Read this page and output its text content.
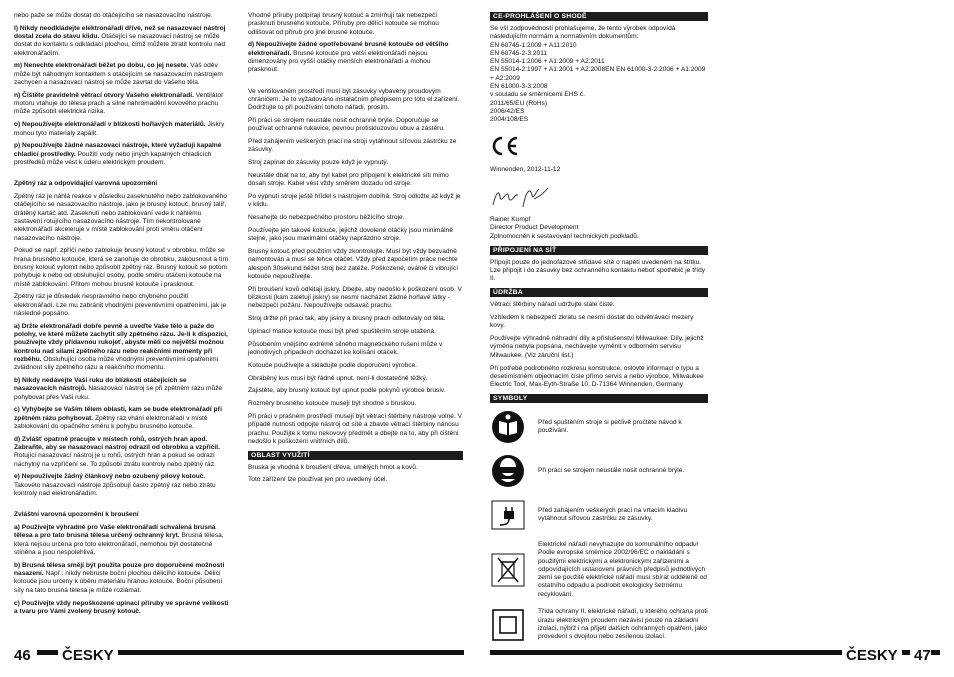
nebo paže se může dostat do otáčejícího se nasazovacího nástroje.

l) Nikdy neodkládejte elektronářadí dříve, než se nasazovací nástroj dostal zcela do stavu klidu. Otáčející se nasazovací nástroj se může dostat do kontaktu s odkládací plochou, čímž můžete ztratit kontrolu nad elektronářadím.

m) Nenechte elektronářadí běžet po dobu, co jej nesete. Váš oděv může být náhodným kontaktem s otáčejícím se nasazovacím nástrojem zachycen a nasazovací nástroj se může zavrtat do Vašeho těla.

n) Čištěte pravidelně větrací otvory Vašeho elektronářadí. Ventilátor motoru vtahuje do tělesa prach a silné nahromadění kovového prachu může způsobit elektrická rizika.

o) Nepoužívejte elektronářadí v blízkosti hořlavých materiálů. Jiskry mohou tyto materiály zapálit.

p) Nepoužívejte žádné nasazovací nástroje, které vyžadují kapalné chladicí prostředky. Použití vody nebo jiných kapalných chladicích prostředků může vést k úderu elektrickým proudem.

Zpětný ráz a odpovídající varovná upozornění

Zpětný ráz je náhlá reakce v důsledku zaseknutého nebo zablokovaného otáčejícího se nasazovacího nástroje, jako je brusný kotouč, brusný talíř, drátěný kartáč atd. Zaseknutí nebo zablokování vede k náhlému zastavení rotujícího nasazovacího nástroje. Tím nekontrolované elektronářadí akceleruje v místě zablokování proti směru otáčení nasazovacího nástroje.

Pokud se např. zpříčí nebo zablokuje brusný kotouč v obrobku, může se hrana brusného kotouče, která se zanořuje do obrobku, zakousnout a tím brusný kotouč vylomit nebo způsobit zpětný ráz. Brusný kotouč se potom pohybuje k nebo od obsluhující osoby, podle směru otáčení kotouče na místě zablokování. Přitom mohou brusné kotouče i prasknout.

Zpětný ráz je důsledek nesprávného nebo chybného použití elektronářadí. Lze mu zabránit vhodnými preventivními opatřeními, jak je následně popsáno.

a) Držte elektronářadí dobře pevně a uveďte Vaše tělo a paže do polohy, ve které můžete zachytit síly zpětného rázu. Je-li k dispozici, používejte vždy přídavnou rukojeť, abyste měli co největší možnou kontrolu nad silami zpětného rázu nebo reakčními momenty při rozběhu. Obsluhující osoba může vhodnými preventivními opatřeními zvládnout síly zpětného rázu a reakčního momentu.

b) Nikdy nedávejte Vaši ruku do blízkosti otáčejících se nasazovacích nástrojů. Nasazovací nástroj se při zpětném rázu může pohybovat přes Vaši ruku.

c) Vyhýbejte se Vaším tělem oblasti, kam se bude elektronářadí při zpětném rázu pohybovat. Zpětný ráz vhání elektronářadí v místě zablokování do opačného směru k pohybu brusného kotouče.

d) Zvlášť opatrně pracujte v místech rohů, ostrých hran apod. Zabraňte, aby se nasazovací nástroj odrazil od obrobku a vzpříčil. Rotující nasazovací nástroj je u rohů, ostrých hran a pokud se odrazí náchylný na vzpříčení se. To způsobí ztrátu kontroly nebo zpětný ráz.

e) Nepoužívejte žádný článkový nebo ozubený pilový kotouč. Takovéto nasazovací nástroje způsobují často zpětný ráz nebo ztrátu kontroly nad elektronářadím.

Zvláštní varovná upozornění k broušení

a) Používejte výhradně pro Vaše elektronářadí schválená brusná tělesa a pro tato brusná tělesa určený ochranný kryt. Brusná tělesa, která nejsou určena pro toto elektronářadí, nemohou být dostatečně stíněna a jsou nespolehlivá.

b) Brusná tělesa smějí být použita pouze pro doporučené možnosti nasazení. Např.: nikdy nebruste boční plochou dělicího kotouče. Dělicí kotouče jsou určeny k úběru materiálu hranou kotouče. Boční působení síly na tato brusná tělesa je může rozlámat.

c) Používejte vždy nepoškozené upínací příruby ve správné velikosti a tvaru pro Vámi zvolený brusný kotouč.

Vhodné příruby podpírají brusný kotouč a zmírňují tak nebezpečí prasknutí brusného kotouče. Příruby pro dělící kotouče se mohou odlišovat od přírub pro jiné brusné kotouče.

d) Nepoužívejte žádné opotřebované brusné kotouče od většího elektronářadí. Brusné kotouče pro větší elektronářadí nejsou dimenzovány pro vyšší otáčky menších elektronářadí a mohou prasknout.

Ve ventilovaném prostředí musí být zásuvky vybaveny proudovým chráničem. Je to vyžadováno instalačním předpisem pro toto el.zařízení. Dodržujte to při používání tohoto nářadí, prosím.

Při práci se strojem neustále nosit ochranné brýle. Doporučuje se používat ochranné rukavice, pevnou protiskluzovou obuv a zástěru.

Před zahájením veškerých prací na stroji vytáhnout síťovou zástrčku ze zásuvky.

Stroj zapínat do zásuvky pouze když je vypnutý.

Neustále dbát na to, aby byl kabel pro připojení k elektrické síti mimo dosah stroje. Kabel vést vždy směrem dozadu od stroje.

Po vypnutí stroje ještě hřídel s nástrojem dobíhá. Stroj odložte až když je v klidu.

Nesahejte do nebezpečného prostoru běžícího stroje.

Používejte jen takové kotouče, jejichž dovolené otáčky jsou minimálně stejné, jako jsou maximální otáčky naprázdno stroje.

Brusný kotouč před použitím vždy zkontrolujte. Musí být vždy bezvadně namontován a musí se lehce otáčet. Vždy před započetím práce nechte alespoň 30sekund běžet stroj bez zatěže. Poškozené, oválné či vibrující kotouče nepoužívejte.

Při broušení kovů odlétají jiskry. Dbejte, aby nedošlo k poškození osob. V blízkosti (kam zalétují jiskry) se nesmí nacházet žádné hořlavé látky - nebezpečí požáru. Nepoužívejte odsavač prachu.

Stroj držte při práci tak, aby jiskry a brusný prach odletovaly od těla.

Upínací matice kotouče musí být před spuštěním stroje utažená.

Působením vnějšího extrémě silného magnetického rušení může v jednotlivých případech docházet ke kolísání otáček.

Kotouče používejte a skladujte podle doporučení výrobce.

Obráběný kus musí být řádně upnut, není-li dostatečně těžký.

Zajistěte, aby brusný kotouč byl upnut podle pokynů výrobce brusiv.

Rozměry brusného kotouče musejí být shodné s bruskou.

Při práci v prašném prostředí musejí být větrací štěrbiny nástroje volné. V případě nutnosti odpojte nástroj od sítě a zbavte větrací štěrbiny nánosu prachu. Použijte k tomu nekovový předmět a dbejte na to, aby při čištění nedošlo k poškození vnitřních dílů.

OBLAST VYUŽITÍ

Bruska je vhodná k broušení dřeva, umělých hmot a kovů.

Toto zařízení lze používat jen pro uvedený účel.

CE-PROHLÁŠENÍ O SHODĚ
Se vší zodpovědností prohlašujeme, že tento výrobek odpovídá následujícím normám a normativním dokumentům:
EN 60745-1:2009 + A11:2010
EN 60745-2-3:2011
EN 55014-1:2006 + A1:2009 + A2:2011
EN 55014-2:1997 + A1:2001 + A2:2008EN EN 61000-3-2:2006 + A1:2009 + A2:2009
EN 61000-3-3:2008
v souladu se směrnicemi EHS č.
2011/65/EU (RoHs)
2006/42/ES
2004/108/ES

Winnenden, 2012-11-12

Rainer Kumpf
Director Product Development

Zplnomocněn k sestavování technických podkladů.

PŘIPOJENÍ NA SÍŤ

Připojit pouze do jednofázové střídavé sítě o napětí uvedeném na štítku. Lze připojit i do zásuvky bez ochranného kontaktu neboť spotřebič je třídy II.

ÚDRŽBA

Větrací štěrbiny nářadí udržujte stále čisté.

Vzhledem k nebezpečí zkratu se nesmí dostat do odvětrávací mezery kovy.

Používejte výhradně náhradní díly a příslušenství Milwaukee. Díly, jejichž výměna nebyla popsána, nechávejte vyměnit v odborném servisu Milwaukee. (Viz záruční list.)

Při potřebě podrobného rozkresu konstrukce, oslovte informací o typu a desetimístném objednacím čísle přímo servis a nebo výrobce, Milwaukee Electric Tool, Max-Eyth-Straße 10, D-71364 Winnenden, Germany

SYMBOLY
Před spuštěním stroje si pečlivě pročtěte návod k používání.
Při práci se strojem neustále nosit ochranné brýle.
Před zahájením veškerých prací na vrtacím kladivu vytáhnout síťovou zástrčku ze zásuvky.
Elektrické nářadí nevyhazujte do komunálního odpadu! Podle evropské směrnice 2002/96/EC o nakládání s použitými elektrickými a elektronickými zařízeními a odpovídajících ustanovení právních předpisů jednotlivých zemí se použité elektrické nářadí musí sbírat odděleně od ostatního odpadu a podrobit ekologicky šetrnému recyklování.
Třída ochrany II, elektrické nářadí, u kterého ochrana proti úrazu elektrickým proudem nezávisí pouze na základní izolaci, nýbrž i na přijetí dalších ochranných opatření, jako provedení s dvojitou nebo zesílenou izolací.
46	ČESKY	ČESKY 47
